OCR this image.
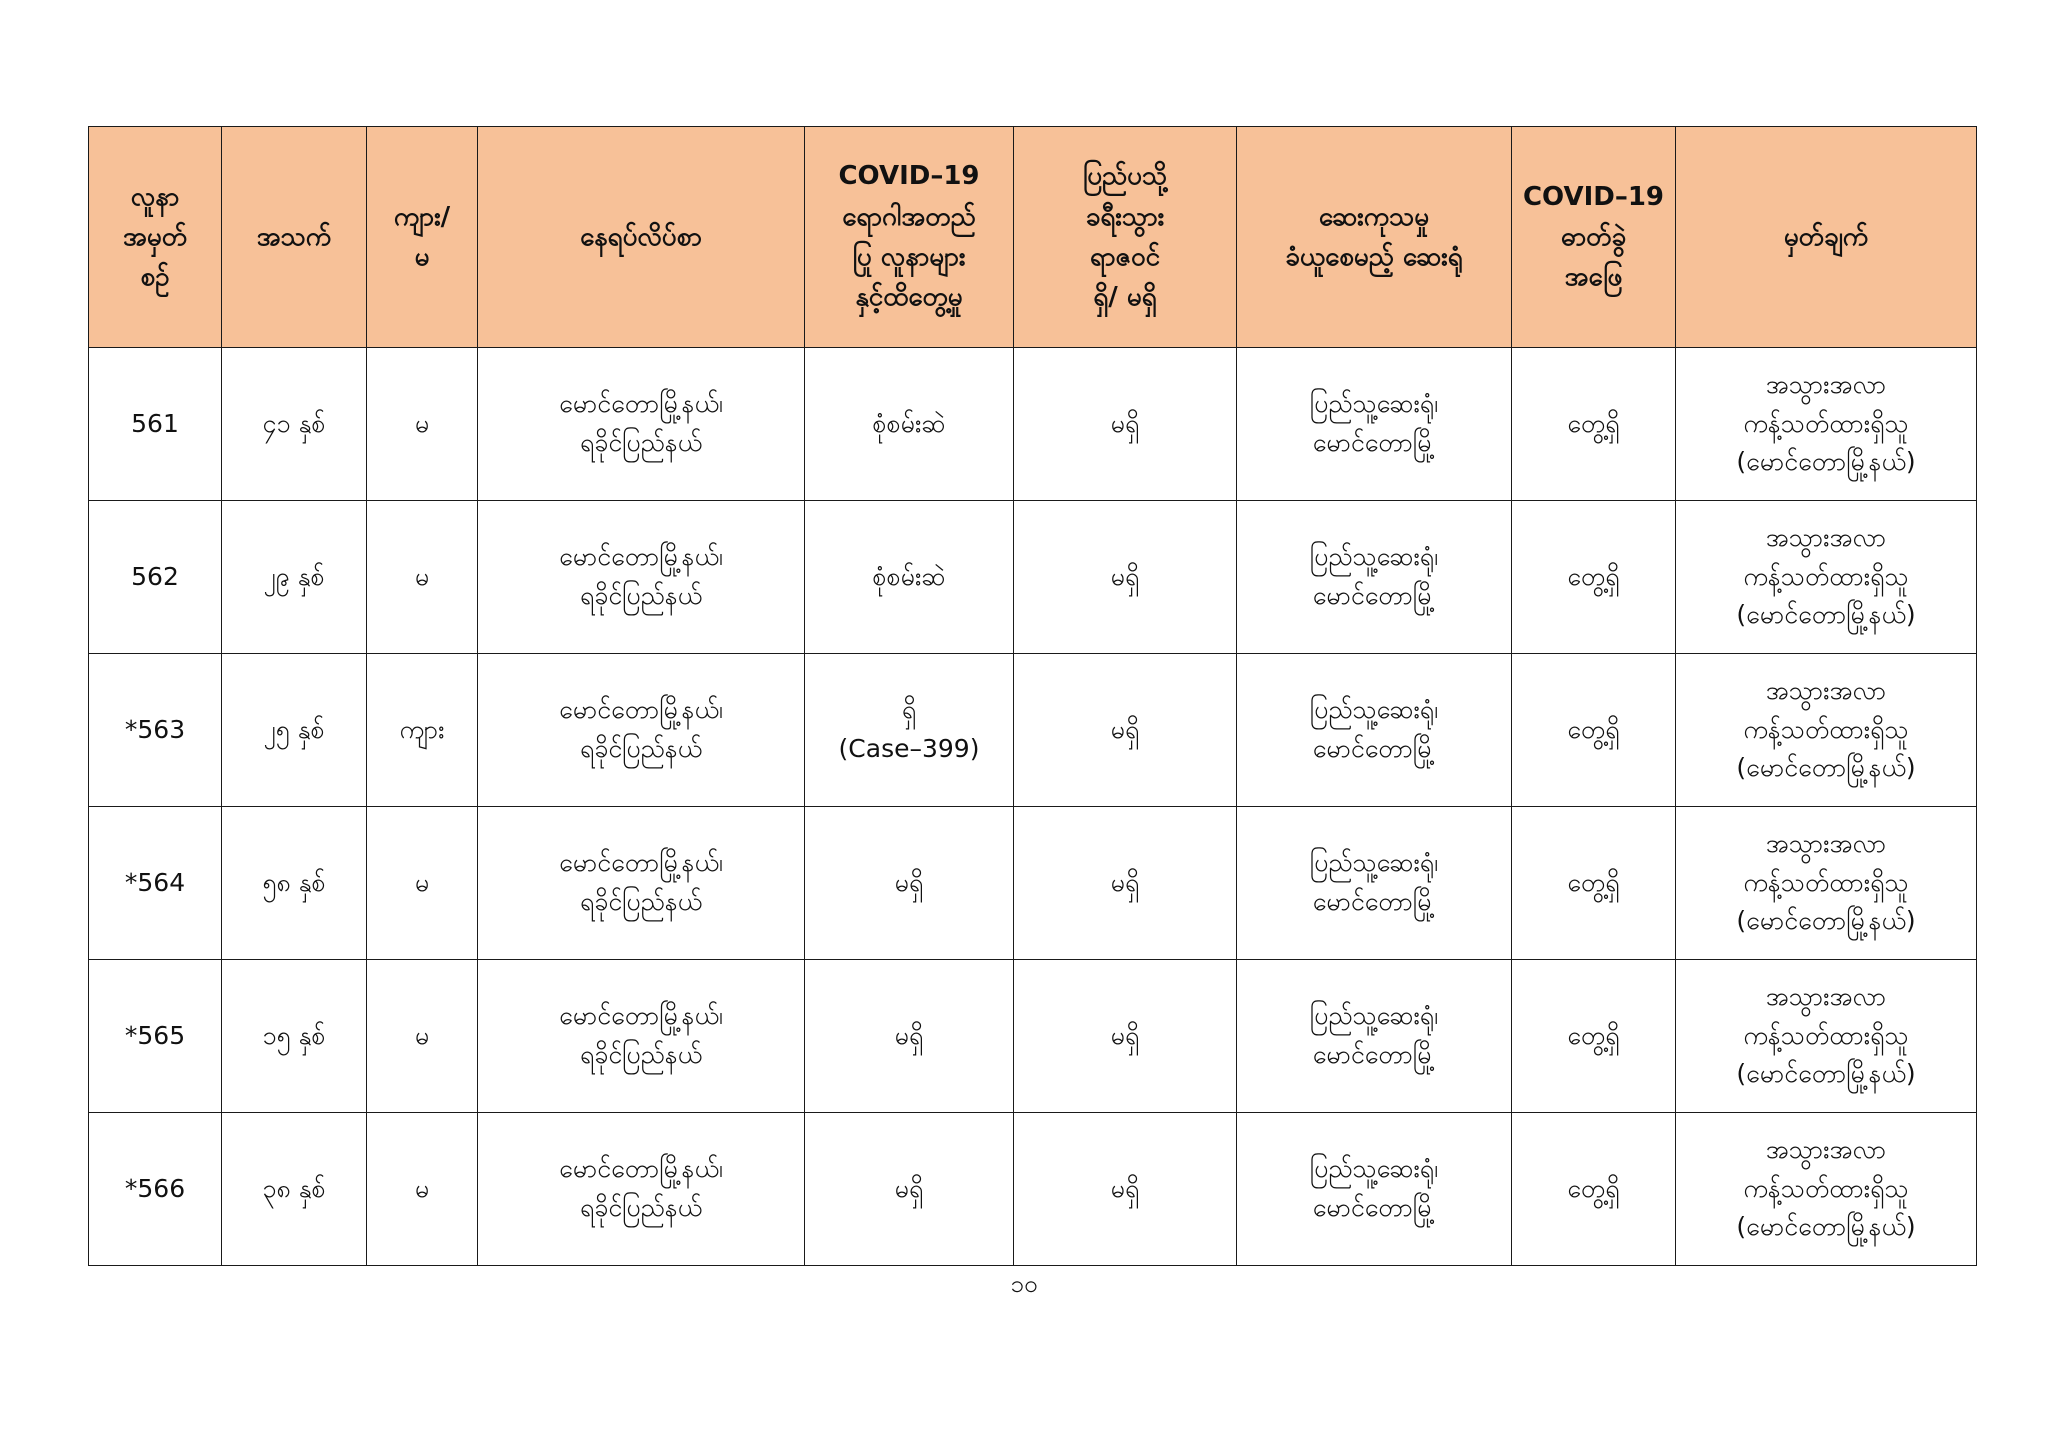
လူနာ
အမှတ်
စဉ်	အသက်	ကျား/
မ	နေရပ်လိပ်စာ	COVID–19
ရောဂါအတည်
ပြု လူနာများ
နှင့်ထိတွေ့မှု	ပြည်ပသို့
ခရီးသွား
ရာဇဝင်
ရှိ/ မရှိ	ဆေးကုသမှု
ခံယူစေမည့် ဆေးရုံ	COVID–19
ဓာတ်ခွဲ
အဖြေ	မှတ်ချက်

561	၄၁ နှစ်	မ	မောင်တောမြို့နယ်၊
ရခိုင်ပြည်နယ်	စုံစမ်းဆဲ	မရှိ	ပြည်သူ့ဆေးရုံ၊
မောင်တောမြို့	တွေ့ရှိ	အသွားအလာ
ကန့်သတ်ထားရှိသူ
(မောင်တောမြို့နယ်)

562	၂၉ နှစ်	မ	မောင်တောမြို့နယ်၊
ရခိုင်ပြည်နယ်	စုံစမ်းဆဲ	မရှိ	ပြည်သူ့ဆေးရုံ၊
မောင်တောမြို့	တွေ့ရှိ	အသွားအလာ
ကန့်သတ်ထားရှိသူ
(မောင်တောမြို့နယ်)

*563	၂၅ နှစ်	ကျား	မောင်တောမြို့နယ်၊
ရခိုင်ပြည်နယ်	ရှိ
(Case–399)	မရှိ	ပြည်သူ့ဆေးရုံ၊
မောင်တောမြို့	တွေ့ရှိ	အသွားအလာ
ကန့်သတ်ထားရှိသူ
(မောင်တောမြို့နယ်)

*564	၅၈ နှစ်	မ	မောင်တောမြို့နယ်၊
ရခိုင်ပြည်နယ်	မရှိ	မရှိ	ပြည်သူ့ဆေးရုံ၊
မောင်တောမြို့	တွေ့ရှိ	အသွားအလာ
ကန့်သတ်ထားရှိသူ
(မောင်တောမြို့နယ်)

*565	၁၅ နှစ်	မ	မောင်တောမြို့နယ်၊
ရခိုင်ပြည်နယ်	မရှိ	မရှိ	ပြည်သူ့ဆေးရုံ၊
မောင်တောမြို့	တွေ့ရှိ	အသွားအလာ
ကန့်သတ်ထားရှိသူ
(မောင်တောမြို့နယ်)

*566	၃၈ နှစ်	မ	မောင်တောမြို့နယ်၊
ရခိုင်ပြည်နယ်	မရှိ	မရှိ	ပြည်သူ့ဆေးရုံ၊
မောင်တောမြို့	တွေ့ရှိ	အသွားအလာ
ကန့်သတ်ထားရှိသူ
(မောင်တောမြို့နယ်)
၁၀
